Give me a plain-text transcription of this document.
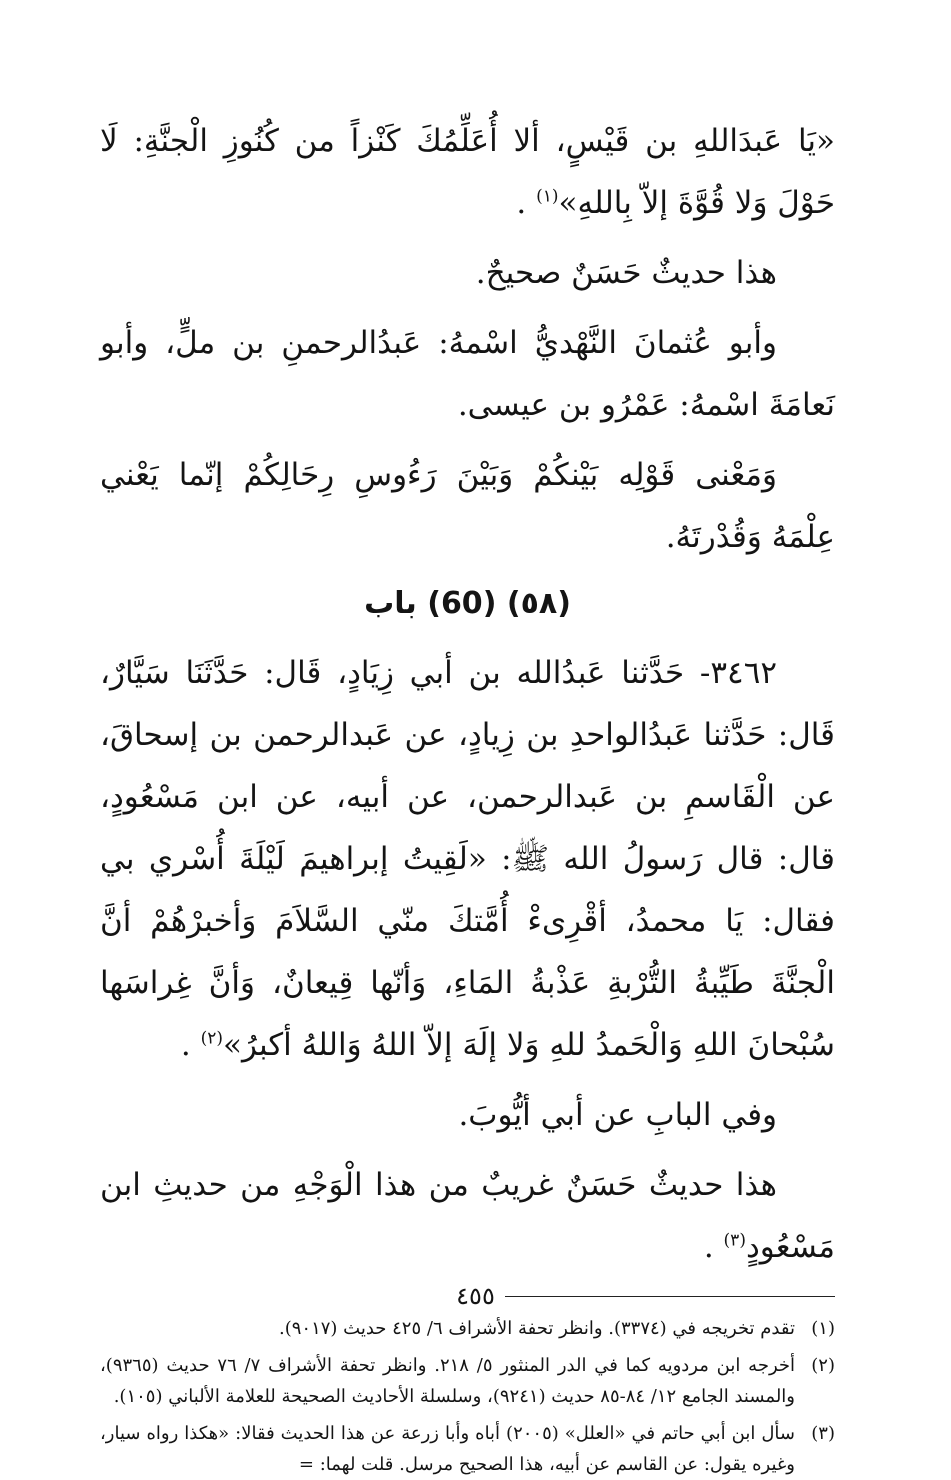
«يَا عَبدَاللهِ بن قَيْسٍ، ألا أُعَلِّمُكَ كَنْزاً من كُنُوزِ الْجنَّةِ: لَا حَوْلَ وَلا قُوَّةَ إلاّ بِاللهِ»$^{(١)}$ .

هذا حديثٌ حَسَنٌ صحيحٌ.

وأبو عُثمانَ النَّهْديُّ اسْمهُ: عَبدُالرحمنِ بن ملٍّ، وأبو نَعامَةَ اسْمهُ: عَمْرُو بن عيسى.

وَمَعْنى قَوْلِه بَيْنكُمْ وَبَيْنَ رَءُوسِ رِحَالِكُمْ إنّما يَعْني عِلْمَهُ وَقُدْرتَهُ.

(٥٨) (60) باب

٣٤٦٢- حَدَّثنا عَبدُالله بن أبي زِيَادٍ، قَال: حَدَّثَنَا سَيَّارٌ، قَال: حَدَّثنا عَبدُالواحدِ بن زِيادٍ، عن عَبدالرحمن بن إسحاقَ، عن الْقَاسمِ بن عَبدالرحمن، عن أبيه، عن ابن مَسْعُودٍ، قال: قال رَسولُ الله ﷺ: «لَقِيتُ إبراهيمَ لَيْلَةَ أُسْري بي فقال: يَا محمدُ، أقْرِىءْ أُمَّتكَ منّي السَّلاَمَ وَأخبرْهُمْ أنَّ الْجنَّةَ طَيِّبةُ التُّرْبةِ عَذْبةُ المَاءِ، وَأنّها قِيعانٌ، وَأنَّ غِراسَها سُبْحانَ اللهِ وَالْحَمدُ للهِ وَلا إلَهَ إلاّ اللهُ وَاللهُ أكبرُ»$^{(٢)}$ .

وفي البابِ عن أبي أيُّوبَ.

هذا حديثٌ حَسَنٌ غريبٌ من هذا الْوَجْهِ من حديثِ ابن مَسْعُودٍ$^{(٣)}$ .

(١)
تقدم تخريجه في (٣٣٧٤). وانظر تحفة الأشراف ٦/ ٤٢٥ حديث (٩٠١٧).
(٢)
أخرجه ابن مردويه كما في الدر المنثور ٥/ ٢١٨. وانظر تحفة الأشراف ٧/ ٧٦ حديث (٩٣٦٥)، والمسند الجامع ١٢/ ٨٤-٨٥ حديث (٩٢٤١)، وسلسلة الأحاديث الصحيحة للعلامة الألباني (١٠٥).
(٣)
سأل ابن أبي حاتم في «العلل» (٢٠٠٥) أباه وأبا زرعة عن هذا الحديث فقالا: «هكذا رواه سيار، وغيره يقول: عن القاسم عن أبيه، هذا الصحيح مرسل. قلت لهما: =
٤٥٥
